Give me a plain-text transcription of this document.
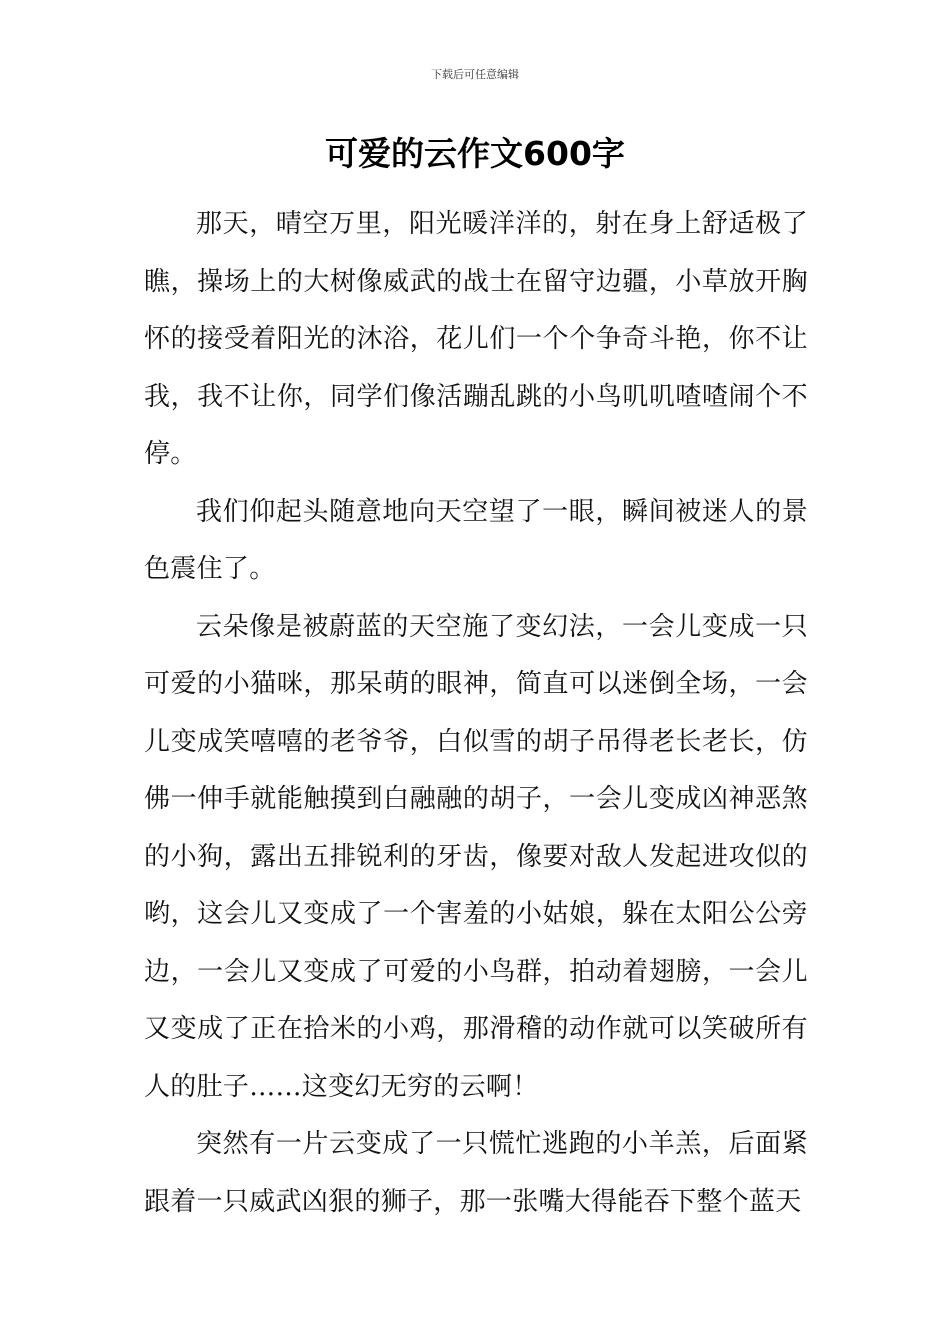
下载后可任意编辑
可爱的云作文600字

那天，晴空万里，阳光暖洋洋的，射在身上舒适极了瞧，操场上的大树像威武的战士在留守边疆，小草放开胸怀的接受着阳光的沐浴，花儿们一个个争奇斗艳，你不让我，我不让你，同学们像活蹦乱跳的小鸟叽叽喳喳闹个不停。

我们仰起头随意地向天空望了一眼，瞬间被迷人的景色震住了。

云朵像是被蔚蓝的天空施了变幻法，一会儿变成一只可爱的小猫咪，那呆萌的眼神，简直可以迷倒全场，一会儿变成笑嘻嘻的老爷爷，白似雪的胡子吊得老长老长，仿佛一伸手就能触摸到白融融的胡子，一会儿变成凶神恶煞的小狗，露出五排锐利的牙齿，像要对敌人发起进攻似的哟，这会儿又变成了一个害羞的小姑娘，躲在太阳公公旁边，一会儿又变成了可爱的小鸟群，拍动着翅膀，一会儿又变成了正在拾米的小鸡，那滑稽的动作就可以笑破所有人的肚子……这变幻无穷的云啊！

突然有一片云变成了一只慌忙逃跑的小羊羔，后面紧跟着一只威武凶狠的狮子，那一张嘴大得能吞下整个蓝天
